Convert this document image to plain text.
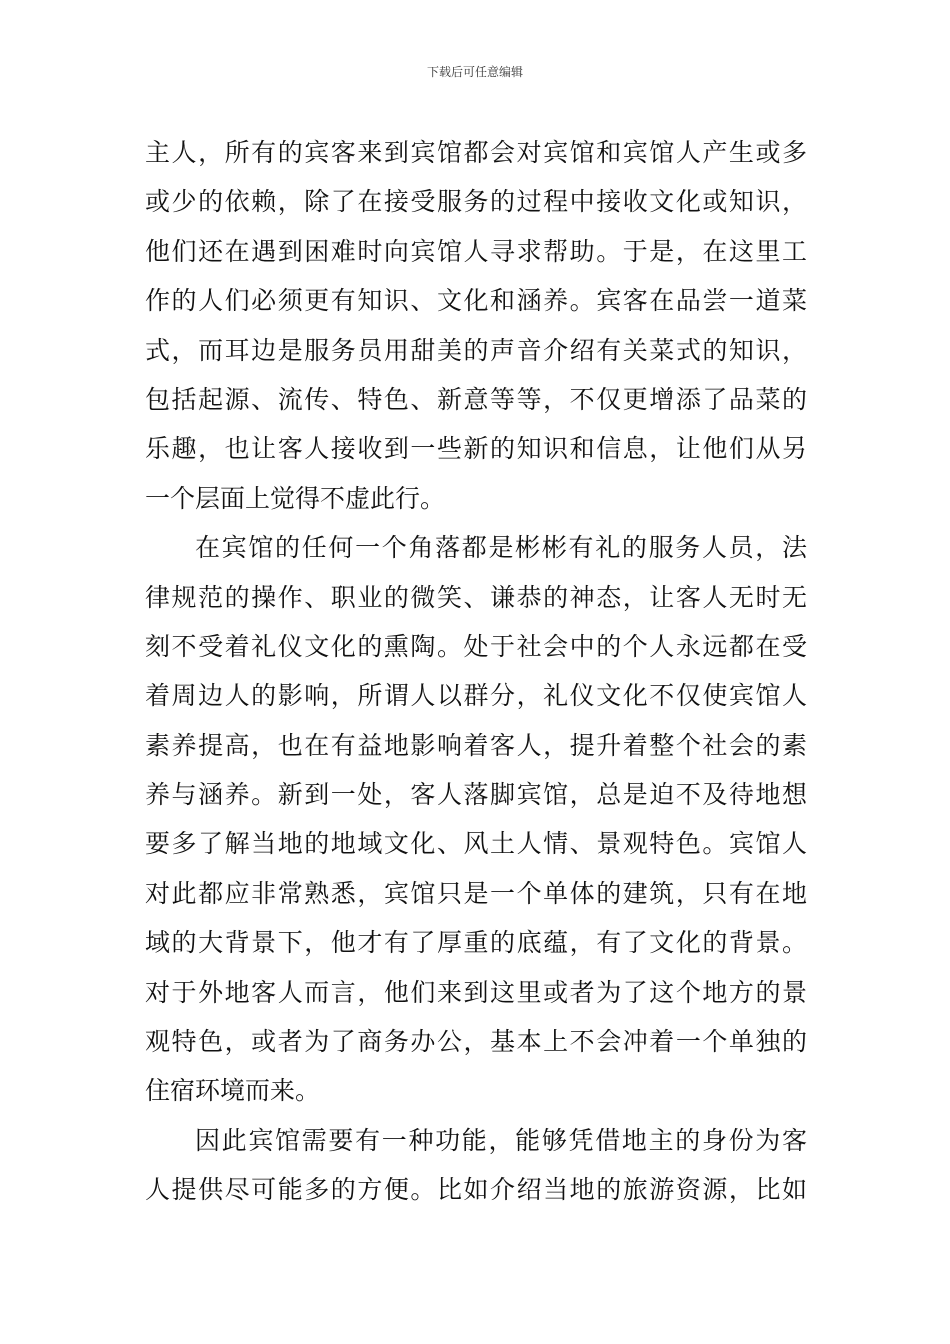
下载后可任意编辑
主人，所有的宾客来到宾馆都会对宾馆和宾馆人产生或多
或少的依赖，除了在接受服务的过程中接收文化或知识，
他们还在遇到困难时向宾馆人寻求帮助。于是，在这里工
作的人们必须更有知识、文化和涵养。宾客在品尝一道菜
式，而耳边是服务员用甜美的声音介绍有关菜式的知识，
包括起源、流传、特色、新意等等，不仅更增添了品菜的
乐趣，也让客人接收到一些新的知识和信息，让他们从另
一个层面上觉得不虚此行。
在宾馆的任何一个角落都是彬彬有礼的服务人员，法
律规范的操作、职业的微笑、谦恭的神态，让客人无时无
刻不受着礼仪文化的熏陶。处于社会中的个人永远都在受
着周边人的影响，所谓人以群分，礼仪文化不仅使宾馆人
素养提高，也在有益地影响着客人，提升着整个社会的素
养与涵养。新到一处，客人落脚宾馆，总是迫不及待地想
要多了解当地的地域文化、风土人情、景观特色。宾馆人
对此都应非常熟悉，宾馆只是一个单体的建筑，只有在地
域的大背景下，他才有了厚重的底蕴，有了文化的背景。
对于外地客人而言，他们来到这里或者为了这个地方的景
观特色，或者为了商务办公，基本上不会冲着一个单独的
住宿环境而来。
因此宾馆需要有一种功能，能够凭借地主的身份为客
人提供尽可能多的方便。比如介绍当地的旅游资源，比如
